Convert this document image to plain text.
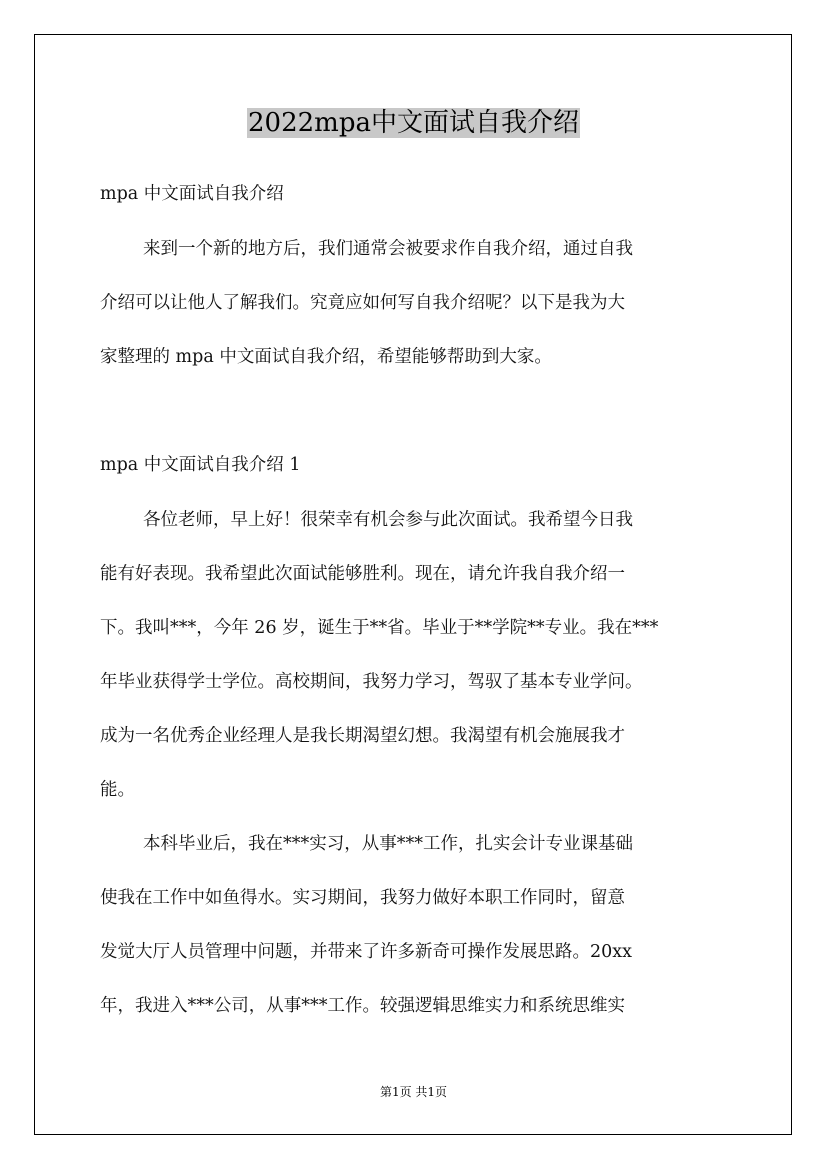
2022mpa中文面试自我介绍
mpa 中文面试自我介绍
来到一个新的地方后，我们通常会被要求作自我介绍，通过自我
介绍可以让他人了解我们。究竟应如何写自我介绍呢？以下是我为大
家整理的 mpa 中文面试自我介绍，希望能够帮助到大家。
mpa 中文面试自我介绍 1
各位老师，早上好！很荣幸有机会参与此次面试。我希望今日我
能有好表现。我希望此次面试能够胜利。现在，请允许我自我介绍一
下。我叫***，今年 26 岁，诞生于**省。毕业于**学院**专业。我在***
年毕业获得学士学位。高校期间，我努力学习，驾驭了基本专业学问。
成为一名优秀企业经理人是我长期渴望幻想。我渴望有机会施展我才
能。
本科毕业后，我在***实习，从事***工作，扎实会计专业课基础
使我在工作中如鱼得水。实习期间，我努力做好本职工作同时，留意
发觉大厅人员管理中问题，并带来了许多新奇可操作发展思路。20xx
年，我进入***公司，从事***工作。较强逻辑思维实力和系统思维实
第1页 共1页
